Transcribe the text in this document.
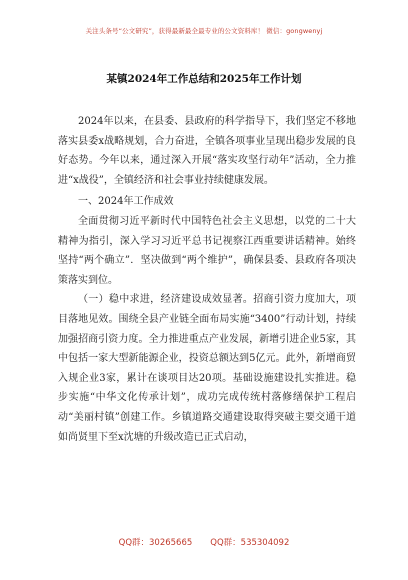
关注头条号“公文研究”，获得最新最全最专业的公文资料库！ 微信：gongwenyj
某镇2024年工作总结和2025年工作计划

2024年以来，在县委、县政府的科学指导下，我们坚定不移地落实县委x战略规划，合力奋进，全镇各项事业呈现出稳步发展的良好态势。今年以来，通过深入开展“落实攻坚行动年”活动，全力推进“x战役”，全镇经济和社会事业持续健康发展。

一、2024年工作成效

全面贯彻习近平新时代中国特色社会主义思想，以党的二十大精神为指引，深入学习习近平总书记视察江西重要讲话精神。始终坚持“两个确立”．坚决做到“两个维护”，确保县委、县政府各项决策落实到位。

（一）稳中求进，经济建设成效显著。招商引资力度加大，项目落地见效。围绕全县产业链全面布局实施“3400”行动计划，持续加强招商引资力度。全力推进重点产业发展，新增引进企业5家，其中包括一家大型新能源企业，投资总额达到5亿元。此外，新增商贸入规企业3家，累计在谈项目达20项。基础设施建设扎实推进。稳步实施“中华文化传承计划”，成功完成传统村落修缮保护工程启动“美丽村镇”创建工作。乡镇道路交通建设取得突破主要交通干道如尚贤里下至x沈塘的升级改造已正式启动，

QQ群：30265665 QQ群：535304092
